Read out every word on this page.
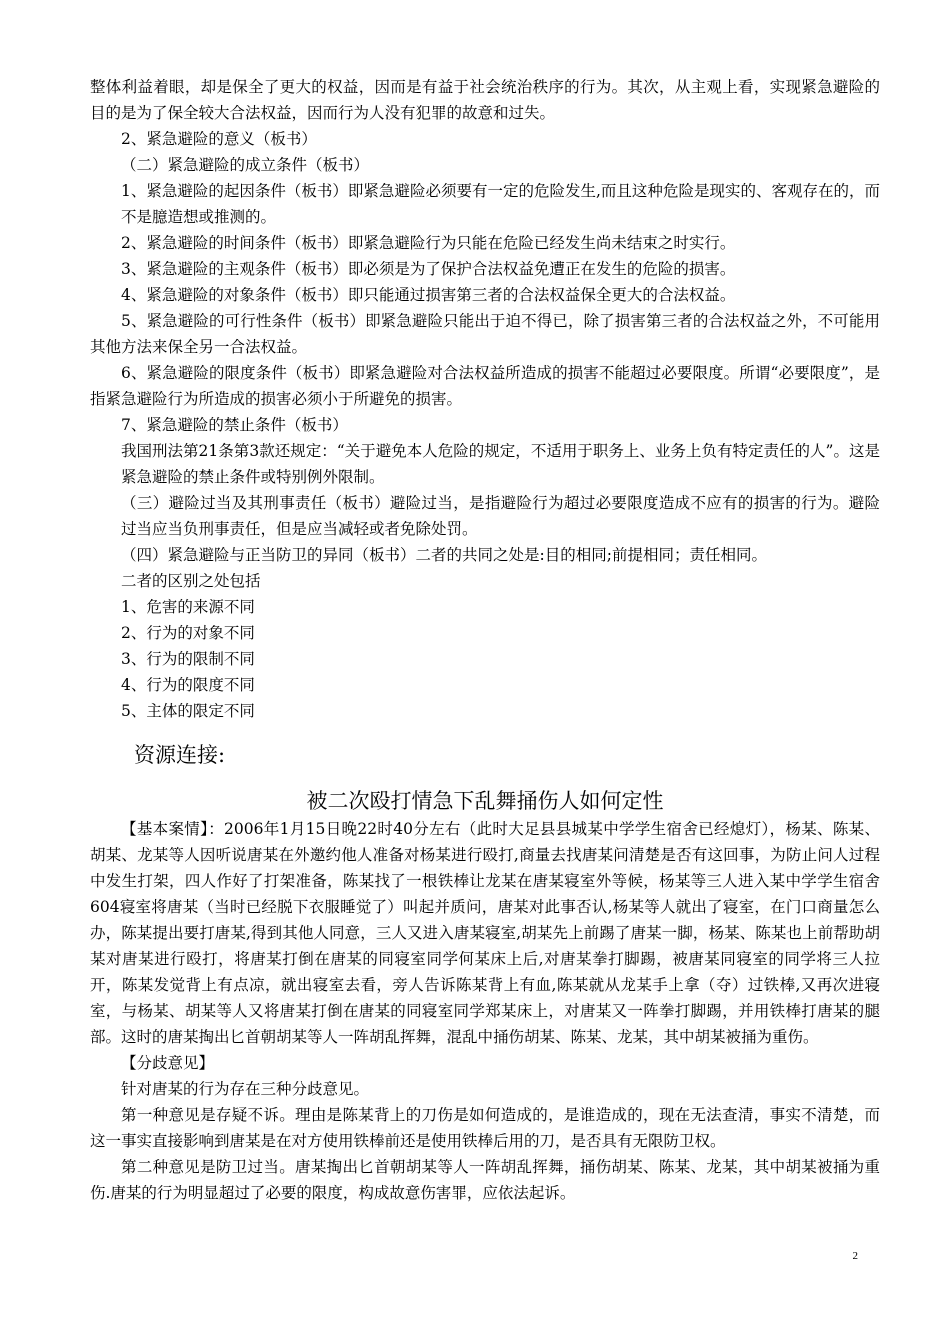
整体利益着眼，却是保全了更大的权益，因而是有益于社会统治秩序的行为。其次，从主观上看，实现紧急避险的目的是为了保全较大合法权益，因而行为人没有犯罪的故意和过失。
2、紧急避险的意义（板书）
（二）紧急避险的成立条件（板书）
1、紧急避险的起因条件（板书）即紧急避险必须要有一定的危险发生,而且这种危险是现实的、客观存在的，而不是臆造想或推测的。
2、紧急避险的时间条件（板书）即紧急避险行为只能在危险已经发生尚未结束之时实行。
3、紧急避险的主观条件（板书）即必须是为了保护合法权益免遭正在发生的危险的损害。
4、紧急避险的对象条件（板书）即只能通过损害第三者的合法权益保全更大的合法权益。
5、紧急避险的可行性条件（板书）即紧急避险只能出于迫不得已，除了损害第三者的合法权益之外，不可能用其他方法来保全另一合法权益。
6、紧急避险的限度条件（板书）即紧急避险对合法权益所造成的损害不能超过必要限度。所谓“必要限度”，是指紧急避险行为所造成的损害必须小于所避免的损害。
7、紧急避险的禁止条件（板书）
我国刑法第21条第3款还规定：“关于避免本人危险的规定，不适用于职务上、业务上负有特定责任的人”。这是紧急避险的禁止条件或特别例外限制。
（三）避险过当及其刑事责任（板书）避险过当，是指避险行为超过必要限度造成不应有的损害的行为。避险过当应当负刑事责任，但是应当减轻或者免除处罚。
（四）紧急避险与正当防卫的异同（板书）二者的共同之处是:目的相同;前提相同；责任相同。
二者的区别之处包括
1、危害的来源不同
2、行为的对象不同
3、行为的限制不同
4、行为的限度不同
5、主体的限定不同
资源连接:
被二次殴打情急下乱舞捅伤人如何定性
【基本案情】：2006年1月15日晚22时40分左右（此时大足县县城某中学学生宿舍已经熄灯），杨某、陈某、胡某、龙某等人因听说唐某在外邀约他人准备对杨某进行殴打,商量去找唐某问清楚是否有这回事，为防止问人过程中发生打架，四人作好了打架准备，陈某找了一根铁棒让龙某在唐某寝室外等候，杨某等三人进入某中学学生宿舍604寝室将唐某（当时已经脱下衣服睡觉了）叫起并质问，唐某对此事否认,杨某等人就出了寝室，在门口商量怎么办，陈某提出要打唐某,得到其他人同意，三人又进入唐某寝室,胡某先上前踢了唐某一脚，杨某、陈某也上前帮助胡某对唐某进行殴打，将唐某打倒在唐某的同寝室同学何某床上后,对唐某拳打脚踢，被唐某同寝室的同学将三人拉开，陈某发觉背上有点凉，就出寝室去看，旁人告诉陈某背上有血,陈某就从龙某手上拿（夺）过铁棒,又再次进寝室，与杨某、胡某等人又将唐某打倒在唐某的同寝室同学郑某床上，对唐某又一阵拳打脚踢，并用铁棒打唐某的腿部。这时的唐某掏出匕首朝胡某等人一阵胡乱挥舞，混乱中捅伤胡某、陈某、龙某，其中胡某被捅为重伤。
【分歧意见】
针对唐某的行为存在三种分歧意见。
第一种意见是存疑不诉。理由是陈某背上的刀伤是如何造成的，是谁造成的，现在无法查清，事实不清楚，而这一事实直接影响到唐某是在对方使用铁棒前还是使用铁棒后用的刀，是否具有无限防卫权。
第二种意见是防卫过当。唐某掏出匕首朝胡某等人一阵胡乱挥舞，捅伤胡某、陈某、龙某，其中胡某被捅为重伤.唐某的行为明显超过了必要的限度，构成故意伤害罪，应依法起诉。
2
